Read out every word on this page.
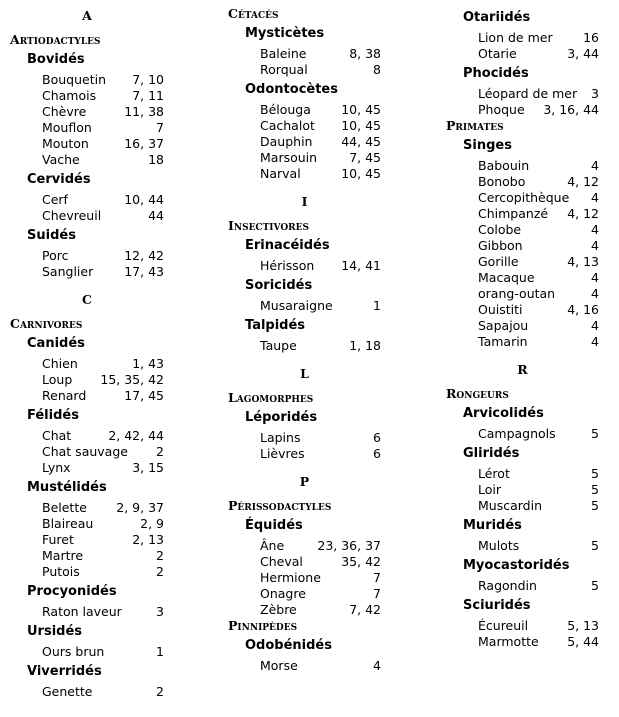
A
Artiodactyles
Bovidés
Bouquetin	7, 10
Chamois	7, 11
Chèvre	11, 38
Mouflon	7
Mouton	16, 37
Vache	18
Cervidés
Cerf	10, 44
Chevreuil	44
Suidés
Porc	12, 42
Sanglier	17, 43
C
Carnivores
Canidés
Chien	1, 43
Loup	15, 35, 42
Renard	17, 45
Félidés
Chat	2, 42, 44
Chat sauvage	2
Lynx	3, 15
Mustélidés
Belette	2, 9, 37
Blaireau	2, 9
Furet	2, 13
Martre	2
Putois	2
Procyonidés
Raton laveur	3
Ursidés
Ours brun	1
Viverridés
Genette	2
Cétacés
Mysticètes
Baleine	8, 38
Rorqual	8
Odontocètes
Bélouga	10, 45
Cachalot	10, 45
Dauphin	44, 45
Marsouin	7, 45
Narval	10, 45
I
Insectivores
Erinacéidés
Hérisson	14, 41
Soricidés
Musaraigne	1
Talpidés
Taupe	1, 18
L
Lagomorphes
Léporidés
Lapins	6
Lièvres	6
P
Périssodactyles
Équidés
Âne	23, 36, 37
Cheval	35, 42
Hermione	7
Onagre	7
Zèbre	7, 42
Pinnipèdes
Odobénidés
Morse	4
Otariidés
Lion de mer	16
Otarie	3, 44
Phocidés
Léopard de mer	3
Phoque	3, 16, 44
Primates
Singes
Babouin	4
Bonobo	4, 12
Cercopithèque	4
Chimpanzé	4, 12
Colobe	4
Gibbon	4
Gorille	4, 13
Macaque	4
orang-outan	4
Ouistiti	4, 16
Sapajou	4
Tamarin	4
R
Rongeurs
Arvicolidés
Campagnols	5
Gliridés
Lérot	5
Loir	5
Muscardin	5
Muridés
Mulots	5
Myocastoridés
Ragondin	5
Sciuridés
Écureuil	5, 13
Marmotte	5, 44
